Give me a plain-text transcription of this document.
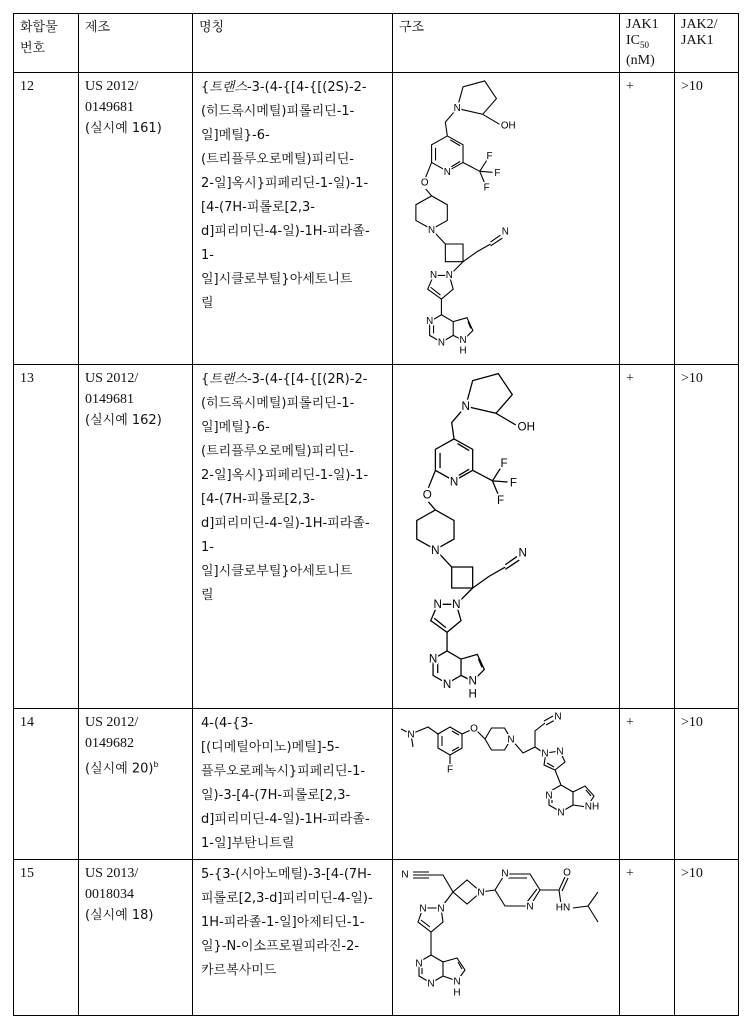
화합물
번호
	제조	명칭	구조	JAK1
IC50
(nM)

JAK2/
JAK1

12	US 2012/
0149681
(실시예 161)

{트랜스-3-(4-{[4-{[(2S)-2-
(히드록시메틸)피롤리딘-1-
일]메틸}-6-
(트리플루오로메틸)피리딘-
2-일]옥시}피페리딘-1-일)-1-
[4-(7H-피롤로[2,3-
d]피리미딘-4-일)-1H-피라졸-
1-
일]시클로부틸}아세토니트
릴

N
OH
N
F
F
F
O
N	N
N
N
N
N N
H
	+	>10
13	US 2012/
0149681
(실시예 162)

{트랜스-3-(4-{[4-{[(2R)-2-
(히드록시메틸)피롤리딘-1-
일]메틸}-6-
(트리플루오로메틸)피리딘-
2-일]옥시}피페리딘-1-일)-1-
[4-(7H-피롤로[2,3-
d]피리미딘-4-일)-1H-피라졸-
1-
일]시클로부틸}아세토니트
릴

N
OH
N
F
F
F
O
N	N
N
N
N
N N
H
	+	>10
14	US 2012/
0149682
(실시예 20)b

4-(4-{3-
[(디메틸아미노)메틸]-5-
플루오로페녹시}피페리딘-1-
일)-3-[4-(7H-피롤로[2,3-
d]피리미딘-4-일)-1H-피라졸-
1-일]부탄니트릴

N
F
O
N
N
N N
N
N
NH
	+	>10
15	US 2013/
0018034
(실시예 18)

5-{3-(시아노메틸)-3-[4-(7H-
피롤로[2,3-d]피리미딘-4-일)-
1H-피라졸-1-일]아제티딘-1-
일}-N-이소프로필피라진-2-
카르복사미드

N
N
N
N
O
HN
N
N
N
N N
H
	+	>10
